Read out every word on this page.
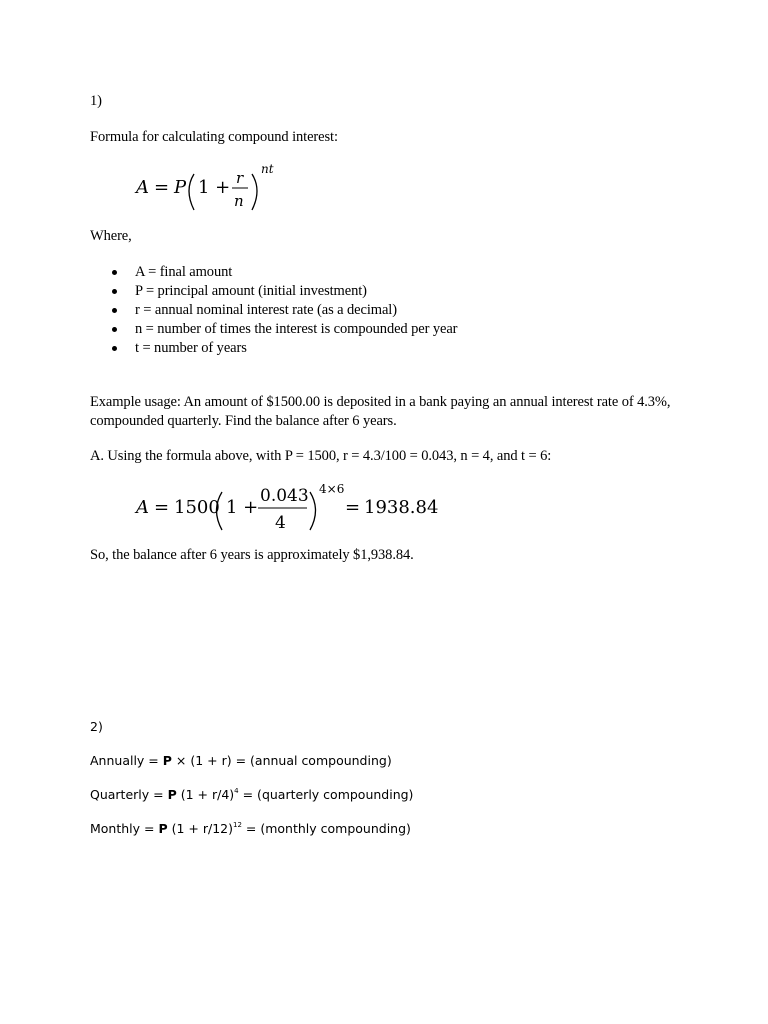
1)
Formula for calculating compound interest:
A = P 1 + r
n
nt
Where,
A = final amount
P = principal amount (initial investment)
r = annual nominal interest rate (as a decimal)
n = number of times the interest is compounded per year
t = number of years
Example usage: An amount of $1500.00 is deposited in a bank paying an annual interest rate of 4.3%, compounded quarterly. Find the balance after 6 years.
A. Using the formula above, with P = 1500, r = 4.3/100 = 0.043, n = 4, and t = 6:
A = 1500 1 +
0.043
4
4×6
= 1938.84
So, the balance after 6 years is approximately $1,938.84.
2)
Annually = P × (1 + r) = (annual compounding)
Quarterly = P $(1 + r/4)^4$ = (quarterly compounding)
Monthly = P $(1 + r/12)^{12}$ = (monthly compounding)
